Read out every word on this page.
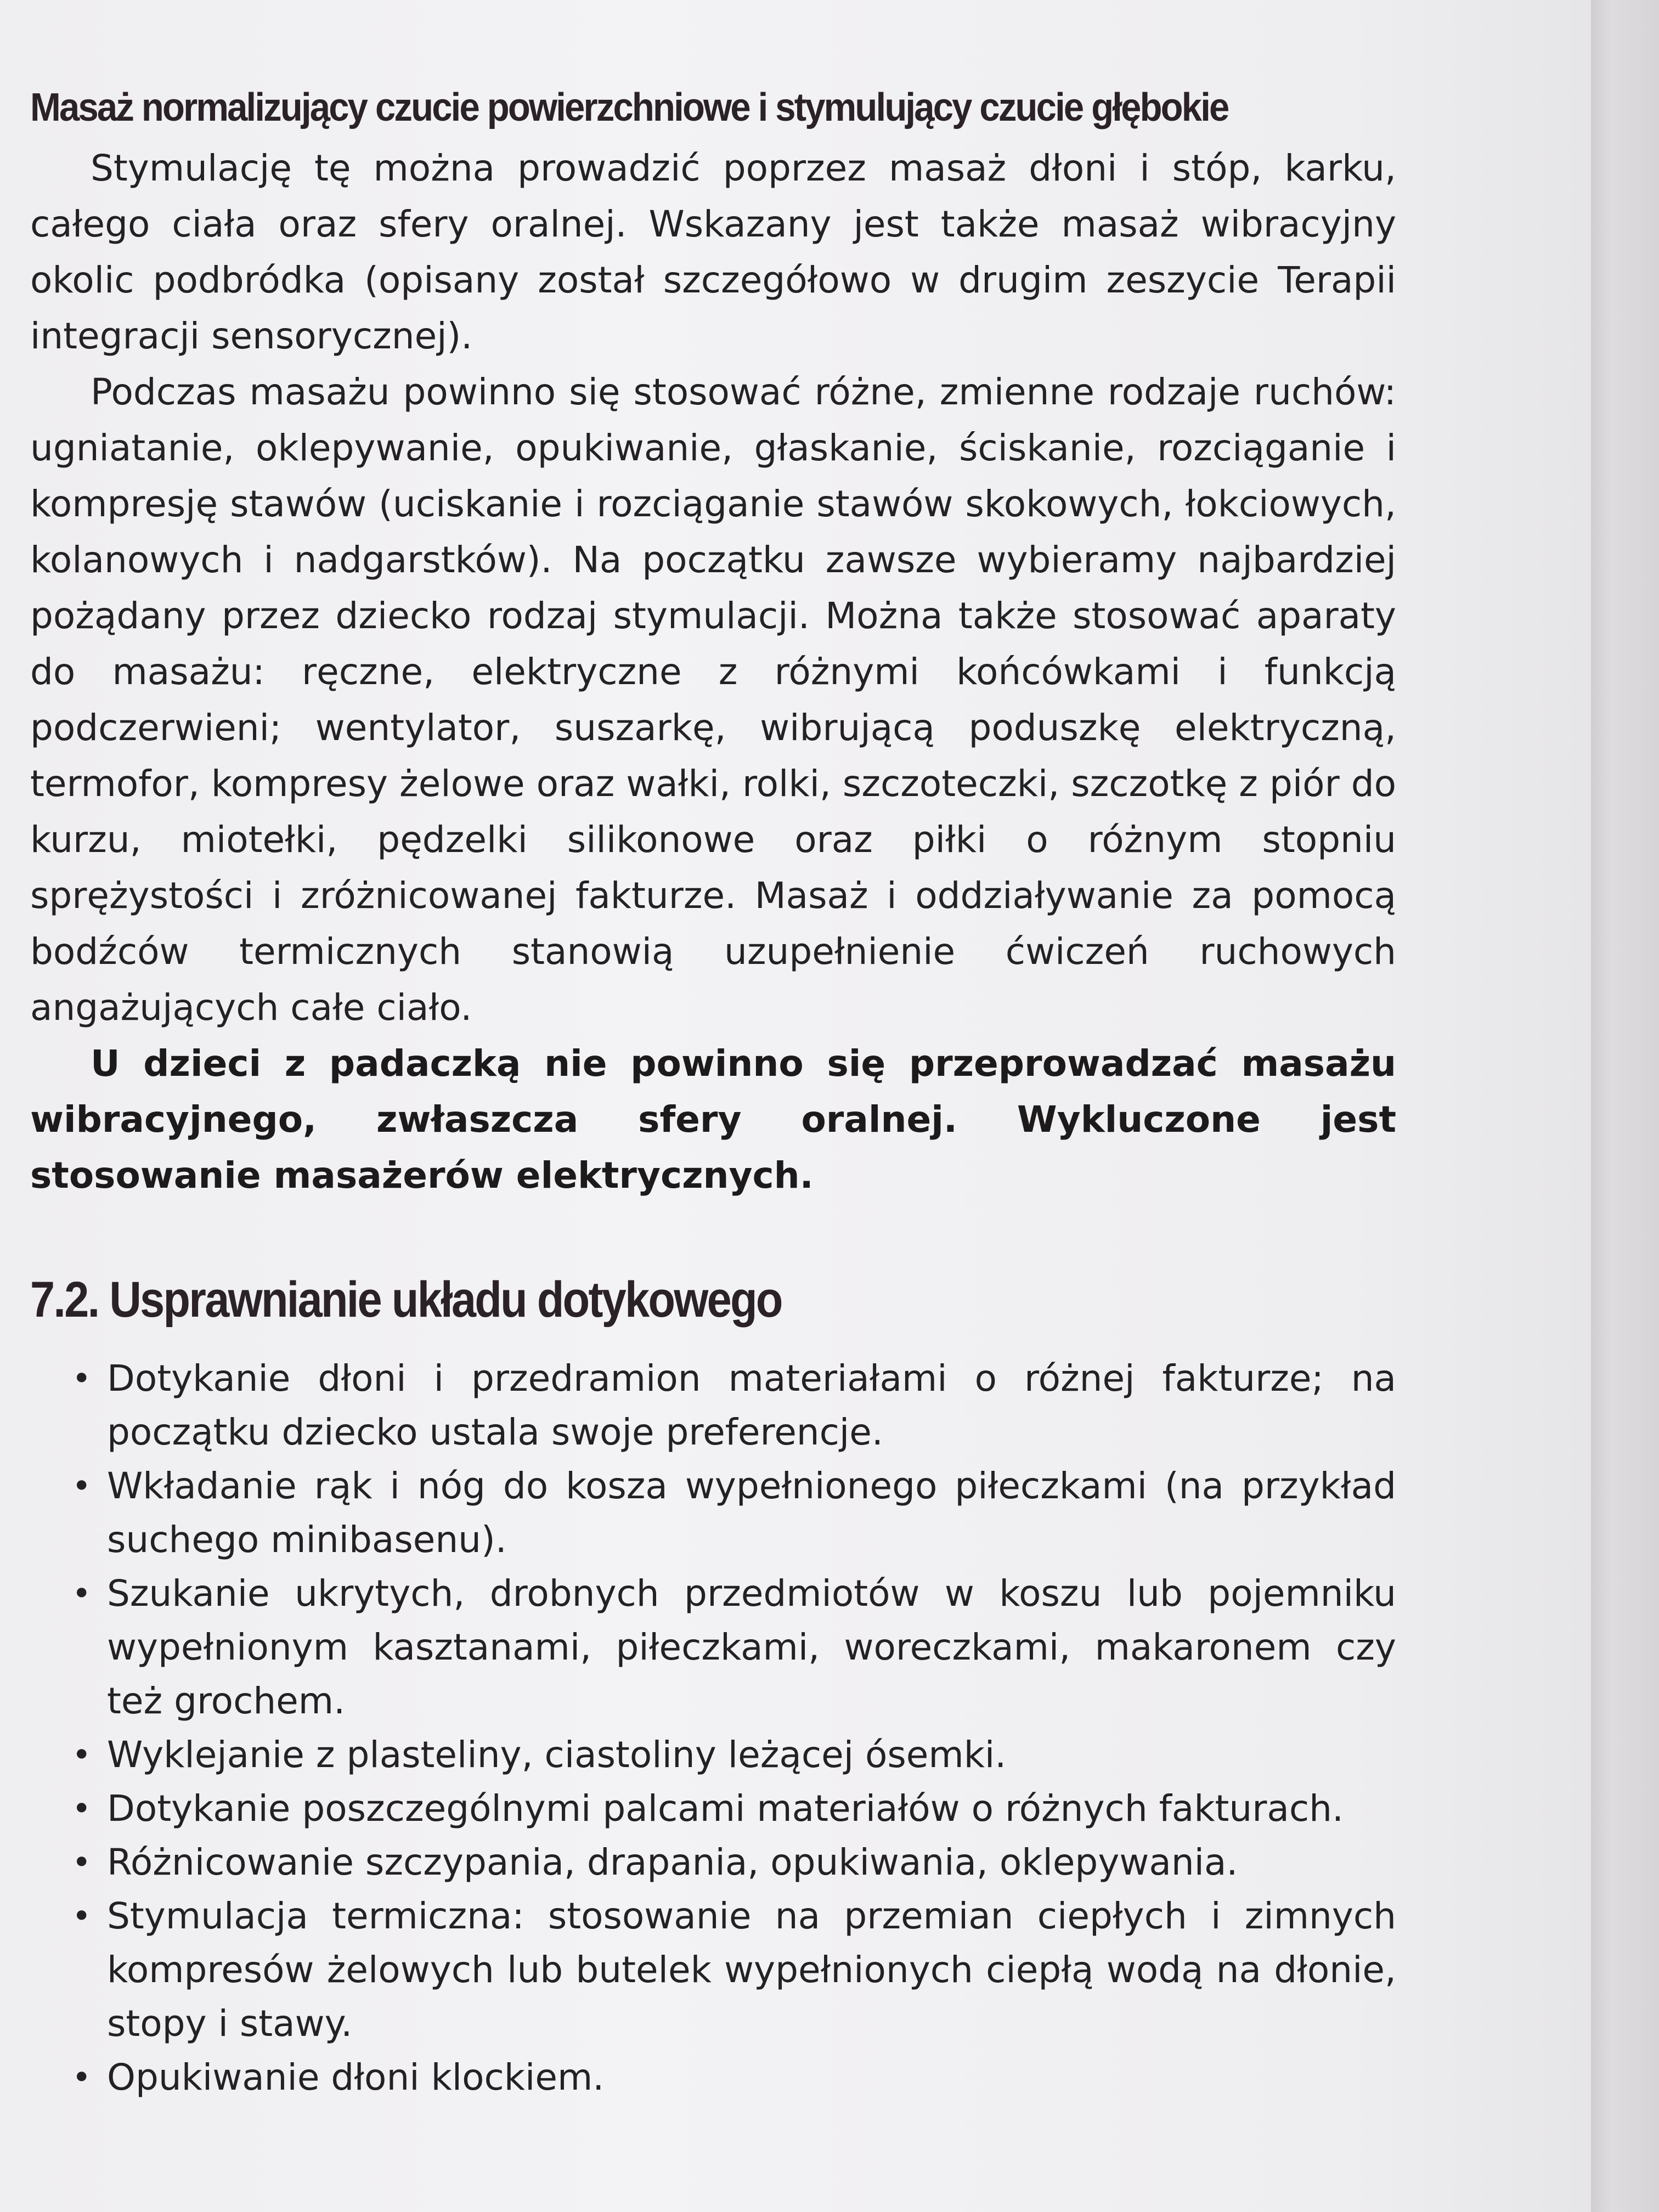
Masaż normalizujący czucie powierzchniowe i stymulujący czucie głębokie

Stymulację tę można prowadzić poprzez masaż dłoni i stóp, karku, całego ciała oraz sfery oralnej. Wskazany jest także masaż wibracyjny okolic podbródka (opisany został szczegółowo w drugim zeszycie Terapii integracji sensorycznej).

Podczas masażu powinno się stosować różne, zmienne rodzaje ruchów: ugniatanie, oklepywanie, opukiwanie, głaskanie, ściskanie, rozciąganie i kompresję stawów (uciskanie i rozciąganie stawów skokowych, łokciowych, kolanowych i nadgarstków). Na początku zawsze wybieramy najbardziej pożądany przez dziecko rodzaj stymulacji. Można także stosować aparaty do masażu: ręczne, elektryczne z różnymi końcówkami i funkcją podczerwieni; wentylator, suszarkę, wibrującą poduszkę elektryczną, termofor, kompresy żelowe oraz wałki, rolki, szczoteczki, szczotkę z piór do kurzu, miotełki, pędzelki silikonowe oraz piłki o różnym stopniu sprężystości i zróżnicowanej fakturze. Masaż i oddziaływanie za pomocą bodźców termicznych stanowią uzupełnienie ćwiczeń ruchowych angażujących całe ciało.

U dzieci z padaczką nie powinno się przeprowadzać masażu wibracyjnego, zwłaszcza sfery oralnej. Wykluczone jest stosowanie masażerów elektrycznych.

7.2. Usprawnianie układu dotykowego
• Dotykanie dłoni i przedramion materiałami o różnej fakturze; na początku dziecko ustala swoje preferencje.
• Wkładanie rąk i nóg do kosza wypełnionego piłeczkami (na przykład suchego minibasenu).
• Szukanie ukrytych, drobnych przedmiotów w koszu lub pojemniku wypełnionym kasztanami, piłeczkami, woreczkami, makaronem czy też grochem.
• Wyklejanie z plasteliny, ciastoliny leżącej ósemki.
• Dotykanie poszczególnymi palcami materiałów o różnych fakturach.
• Różnicowanie szczypania, drapania, opukiwania, oklepywania.
• Stymulacja termiczna: stosowanie na przemian ciepłych i zimnych kompresów żelowych lub butelek wypełnionych ciepłą wodą na dłonie, stopy i stawy.
• Opukiwanie dłoni klockiem.
